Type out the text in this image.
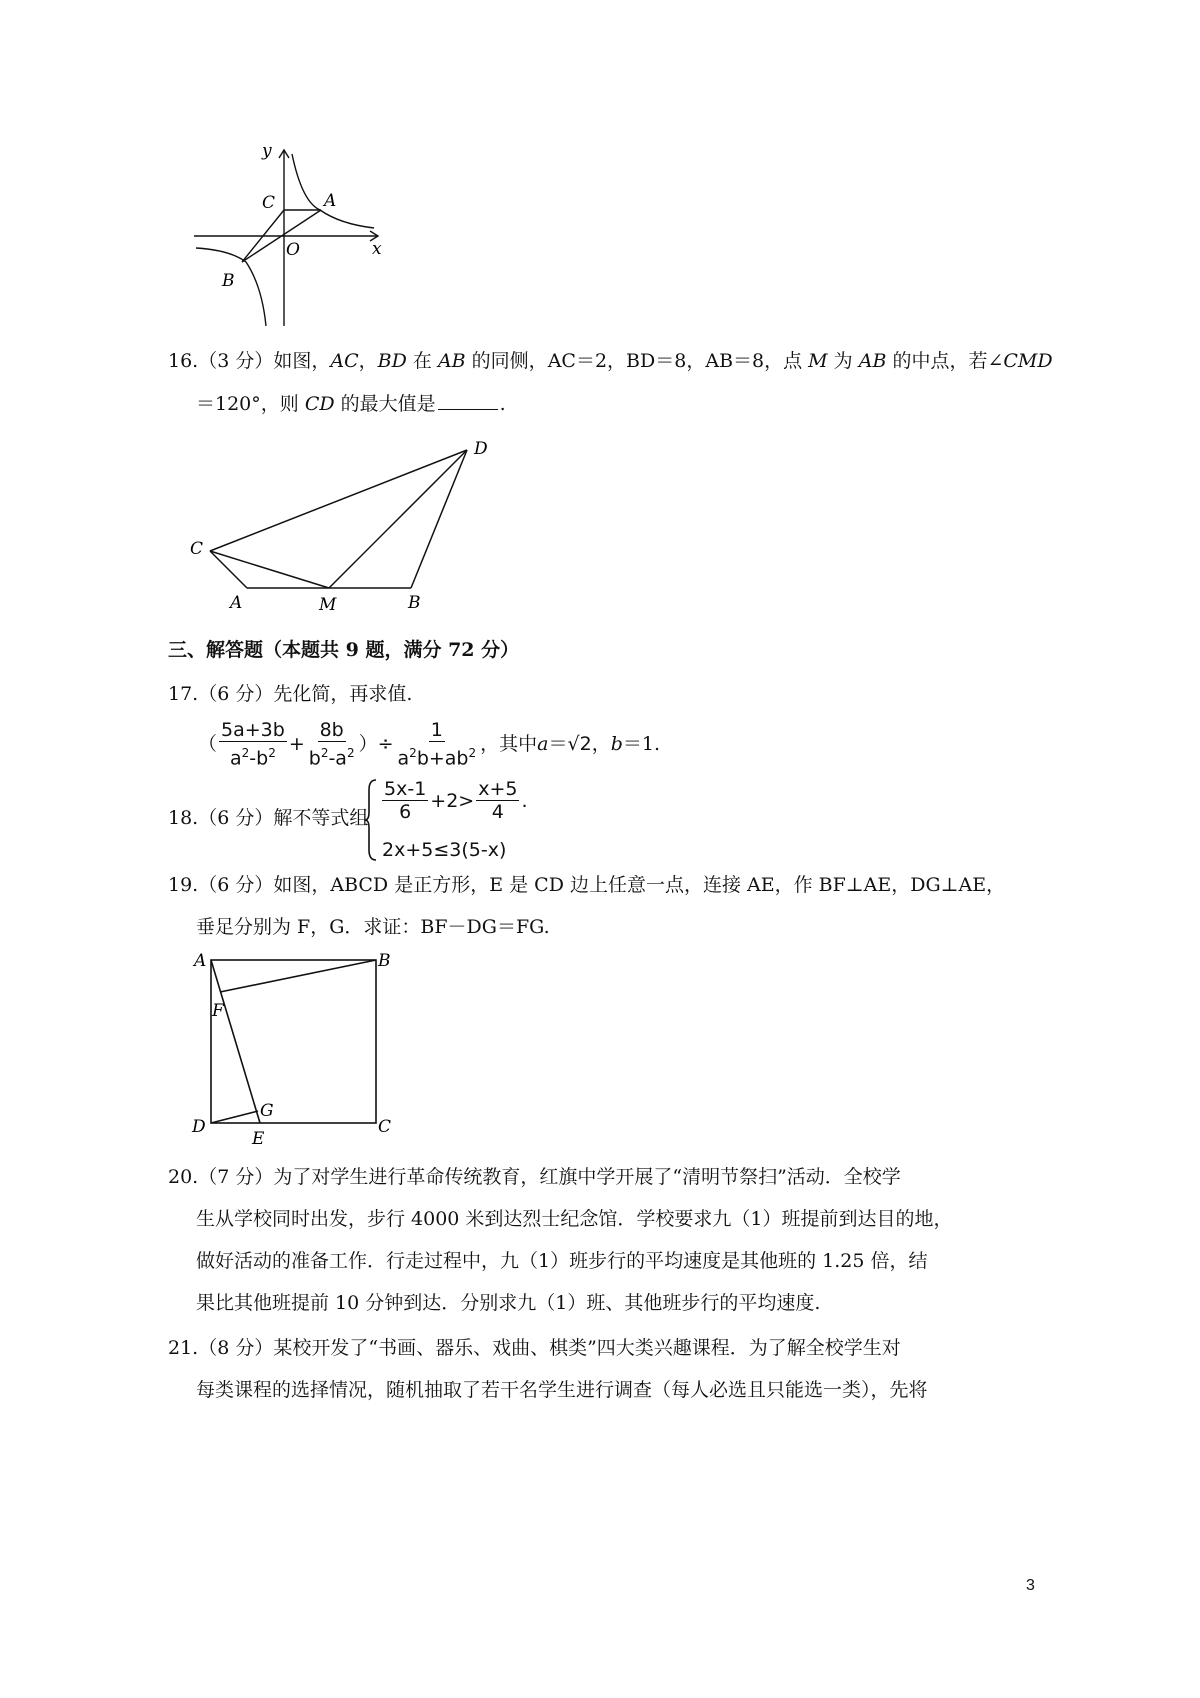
y
x
C	A
O
B
16.（3 分）如图，AC，BD 在 AB 的同侧，AC＝2，BD＝8，AB＝8，点 M 为 AB 的中点，若∠CMD
＝120°，则 CD 的最大值是	.
D
C
A	M	B
三、解答题（本题共 9 题，满分 72 分）
17.（6 分）先化简，再求值.
（ $\frac{5a+3b}{a^2-b^2} + \frac{8b}{b^2-a^2}$ ）÷ $\frac{1}{a^2b+ab^2}$ ，其中 a ＝ √2 ， b ＝1.
18.（6 分）解不等式组 $\frac{5x-1}{6} +2> \frac{x+5}{4}$ .
2x+5≤3(5-x)
19.（6 分）如图，ABCD 是正方形，E 是 CD 边上任意一点，连接 AE，作 BF⊥AE，DG⊥AE，
垂足分别为 F，G．求证：BF－DG＝FG.
A	B
F
D
G
E
C
20.（7 分）为了对学生进行革命传统教育，红旗中学开展了“清明节祭扫”活动．全校学
生从学校同时出发，步行 4000 米到达烈士纪念馆．学校要求九（1）班提前到达目的地，
做好活动的准备工作．行走过程中，九（1）班步行的平均速度是其他班的 1.25 倍，结
果比其他班提前 10 分钟到达．分别求九（1）班、其他班步行的平均速度.
21.（8 分）某校开发了“书画、器乐、戏曲、棋类”四大类兴趣课程．为了解全校学生对
每类课程的选择情况，随机抽取了若干名学生进行调查（每人必选且只能选一类），先将
3
